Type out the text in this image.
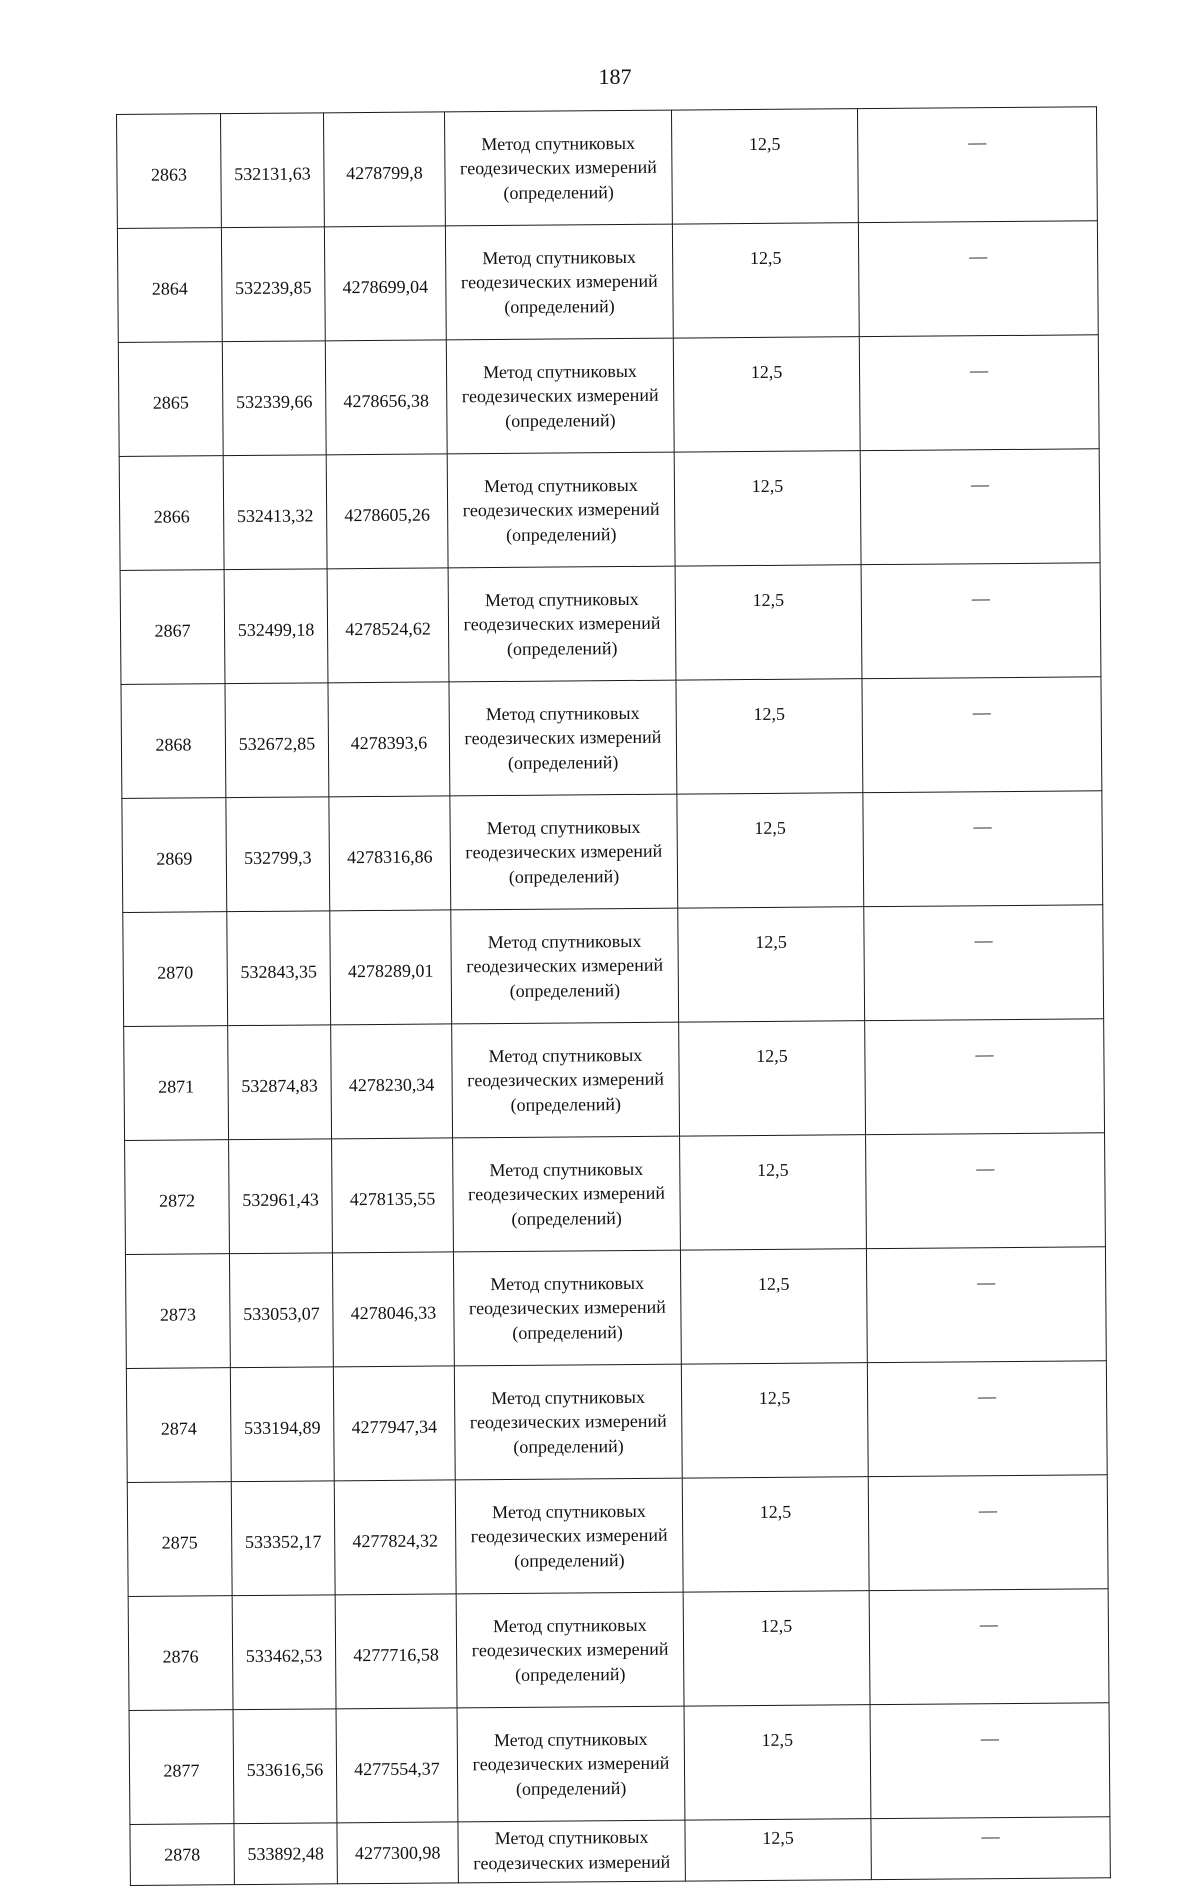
187
2863	532131,63	4278799,8	Метод спутниковых
геодезических измерений
(определений)	12,5	—
2864	532239,85	4278699,04	Метод спутниковых
геодезических измерений
(определений)	12,5	—
2865	532339,66	4278656,38	Метод спутниковых
геодезических измерений
(определений)	12,5	—
2866	532413,32	4278605,26	Метод спутниковых
геодезических измерений
(определений)	12,5	—
2867	532499,18	4278524,62	Метод спутниковых
геодезических измерений
(определений)	12,5	—
2868	532672,85	4278393,6	Метод спутниковых
геодезических измерений
(определений)	12,5	—
2869	532799,3	4278316,86	Метод спутниковых
геодезических измерений
(определений)	12,5	—
2870	532843,35	4278289,01	Метод спутниковых
геодезических измерений
(определений)	12,5	—
2871	532874,83	4278230,34	Метод спутниковых
геодезических измерений
(определений)	12,5	—
2872	532961,43	4278135,55	Метод спутниковых
геодезических измерений
(определений)	12,5	—
2873	533053,07	4278046,33	Метод спутниковых
геодезических измерений
(определений)	12,5	—
2874	533194,89	4277947,34	Метод спутниковых
геодезических измерений
(определений)	12,5	—
2875	533352,17	4277824,32	Метод спутниковых
геодезических измерений
(определений)	12,5	—
2876	533462,53	4277716,58	Метод спутниковых
геодезических измерений
(определений)	12,5	—
2877	533616,56	4277554,37	Метод спутниковых
геодезических измерений
(определений)	12,5	—
2878	533892,48	4277300,98	Метод спутниковых
геодезических измерений	12,5	—
